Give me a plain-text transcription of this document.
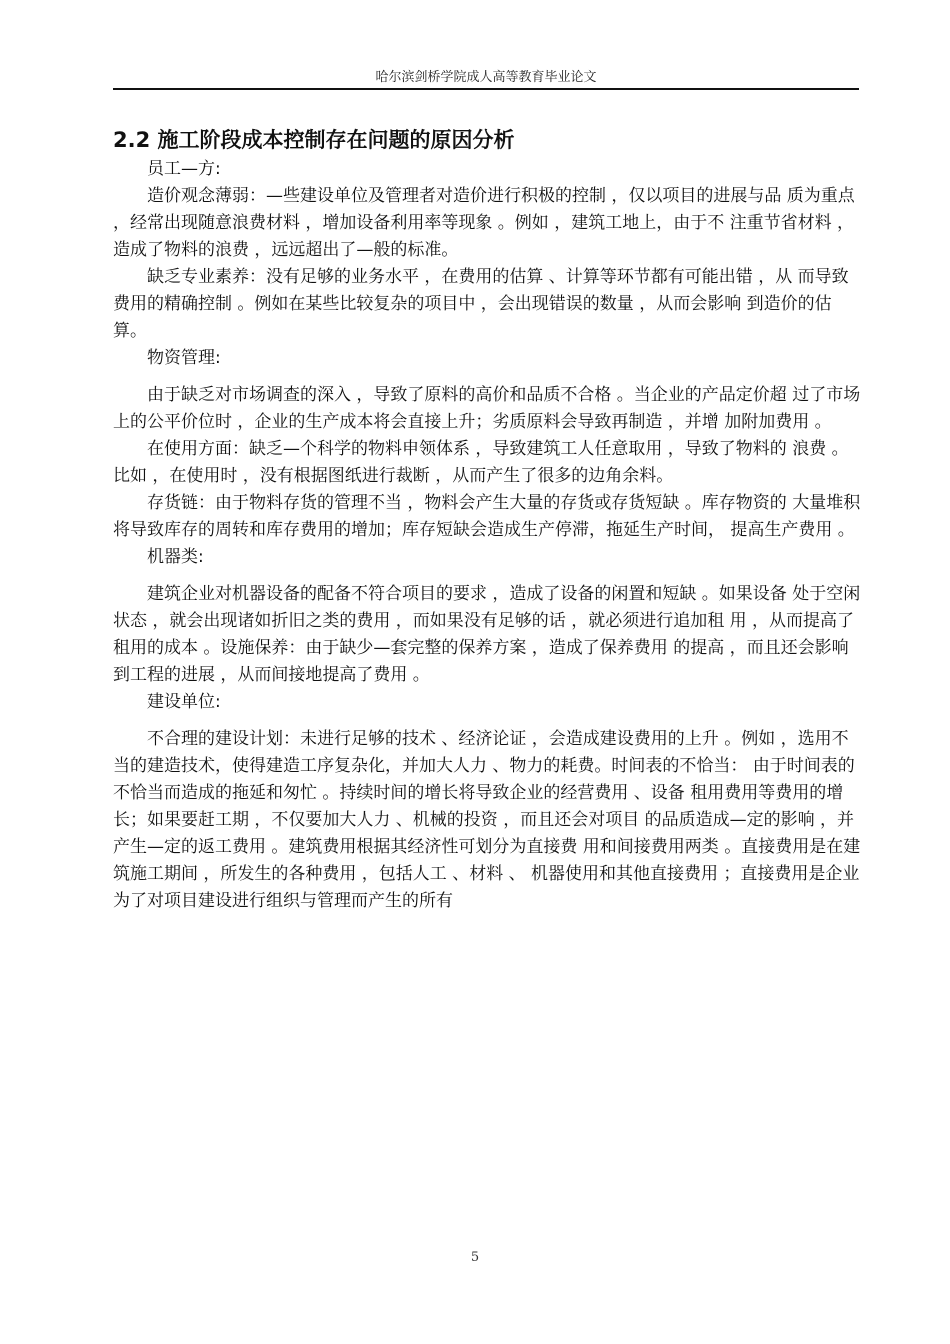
哈尔滨剑桥学院成人高等教育毕业论文
2.2 施工阶段成本控制存在问题的原因分析

员工—方:

造价观念薄弱：—些建设单位及管理者对造价进行积极的控制 ，仅以项目的进展与品 质为重点 ，经常出现随意浪费材料 ，增加设备利用率等现象 。例如 ，建筑工地上，由于不 注重节省材料 ，造成了物料的浪费 ，远远超出了—般的标准。

缺乏专业素养：没有足够的业务水平 ，在费用的估算 、计算等环节都有可能出错 ，从 而导致费用的精确控制 。例如在某些比较复杂的项目中 ，会出现错误的数量 ，从而会影响 到造价的估算。

物资管理:

由于缺乏对市场调查的深入 ，导致了原料的高价和品质不合格 。当企业的产品定价超 过了市场上的公平价位时 ，企业的生产成本将会直接上升；劣质原料会导致再制造 ，并增 加附加费用 。

在使用方面：缺乏—个科学的物料申领体系 ，导致建筑工人任意取用 ，导致了物料的 浪费 。比如 ，在使用时 ，没有根据图纸进行裁断 ，从而产生了很多的边角余料。

存货链：由于物料存货的管理不当 ，物料会产生大量的存货或存货短缺 。库存物资的 大量堆积将导致库存的周转和库存费用的增加；库存短缺会造成生产停滞，拖延生产时间， 提高生产费用 。

机器类:

建筑企业对机器设备的配备不符合项目的要求 ，造成了设备的闲置和短缺 。如果设备 处于空闲状态 ，就会出现诸如折旧之类的费用 ，而如果没有足够的话 ，就必须进行追加租 用 ，从而提高了租用的成本 。设施保养：由于缺少—套完整的保养方案 ，造成了保养费用 的提高 ，而且还会影响到工程的进展 ，从而间接地提高了费用 。

建设单位:

不合理的建设计划：未进行足够的技术 、经济论证 ，会造成建设费用的上升 。例如 ，选用不当的建造技术，使得建造工序复杂化，并加大人力 、物力的耗费。时间表的不恰当： 由于时间表的不恰当而造成的拖延和匆忙 。持续时间的增长将导致企业的经营费用 、设备 租用费用等费用的增长；如果要赶工期 ，不仅要加大人力 、机械的投资 ，而且还会对项目 的品质造成—定的影响 ，并产生—定的返工费用 。建筑费用根据其经济性可划分为直接费 用和间接费用两类 。直接费用是在建筑施工期间 ，所发生的各种费用 ，包括人工 、材料 、 机器使用和其他直接费用 ；直接费用是企业为了对项目建设进行组织与管理而产生的所有

5
